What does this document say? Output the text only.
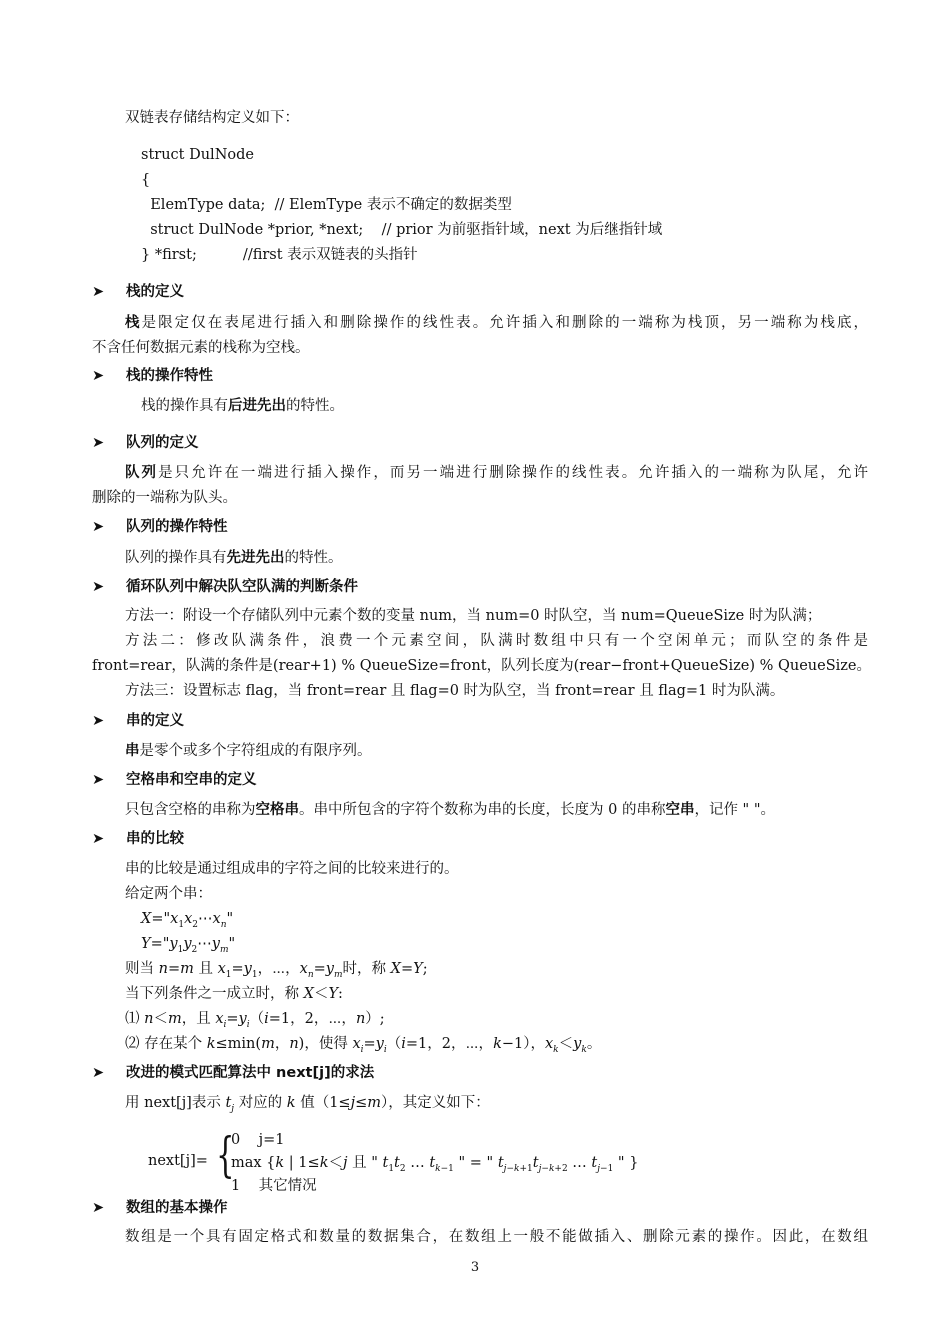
双链表存储结构定义如下：
struct DulNode
{
ElemType data;  // ElemType 表示不确定的数据类型
struct DulNode *prior, *next;    // prior 为前驱指针域，next 为后继指针域
} *first;          //first 表示双链表的头指针
➤ 栈的定义
栈是限定仅在表尾进行插入和删除操作的线性表。允许插入和删除的一端称为栈顶，另一端称为栈底，
不含任何数据元素的栈称为空栈。
➤ 栈的操作特性
栈的操作具有后进先出的特性。
➤ 队列的定义
队列是只允许在一端进行插入操作，而另一端进行删除操作的线性表。允许插入的一端称为队尾，允许
删除的一端称为队头。
➤ 队列的操作特性
队列的操作具有先进先出的特性。
➤ 循环队列中解决队空队满的判断条件
方法一：附设一个存储队列中元素个数的变量 num，当 num=0 时队空，当 num=QueueSize 时为队满；
方法二：修改队满条件，浪费一个元素空间，队满时数组中只有一个空闲单元；而队空的条件是
front=rear，队满的条件是(rear+1) % QueueSize=front，队列长度为(rear−front+QueueSize) % QueueSize。
方法三：设置标志 flag，当 front=rear 且 flag=0 时为队空，当 front=rear 且 flag=1 时为队满。
➤ 串的定义
串是零个或多个字符组成的有限序列。
➤ 空格串和空串的定义
只包含空格的串称为空格串。串中所包含的字符个数称为串的长度，长度为 0 的串称空串，记作 " "。
➤ 串的比较
串的比较是通过组成串的字符之间的比较来进行的。
给定两个串：
$X="x_1x_2\cdots x_n$"
$Y="y_1y_2\cdots y_m$"
则当 n=m 且 $x_1=y_1$，⋯，$x_n=y_m$时，称 X=Y;
当下列条件之一成立时，称 X＜Y:
⑴ n＜m，且 $x_i=y_i(i=1$，2，⋯，n）;
⑵ 存在某个 k≤min(m，n)，使得 $x_i=y_i(i=1$，2，⋯，k−1），$x_k<y_k$。
➤ 改进的模式匹配算法中 next[j]的求法
用 next[j]表示 $t_j$ 对应的 k 值（1≤j≤m），其定义如下：
next[j]= {
0    j=1
max {k | 1≤k＜j 且 " $t_1t_2$ … $t_{k-1}$ " = " $t_{j-k+1}t_{j-k+2}$ … $t_{j-1}$ " }
1    其它情况
➤ 数组的基本操作
数组是一个具有固定格式和数量的数据集合，在数组上一般不能做插入、删除元素的操作。因此，在数组
3
